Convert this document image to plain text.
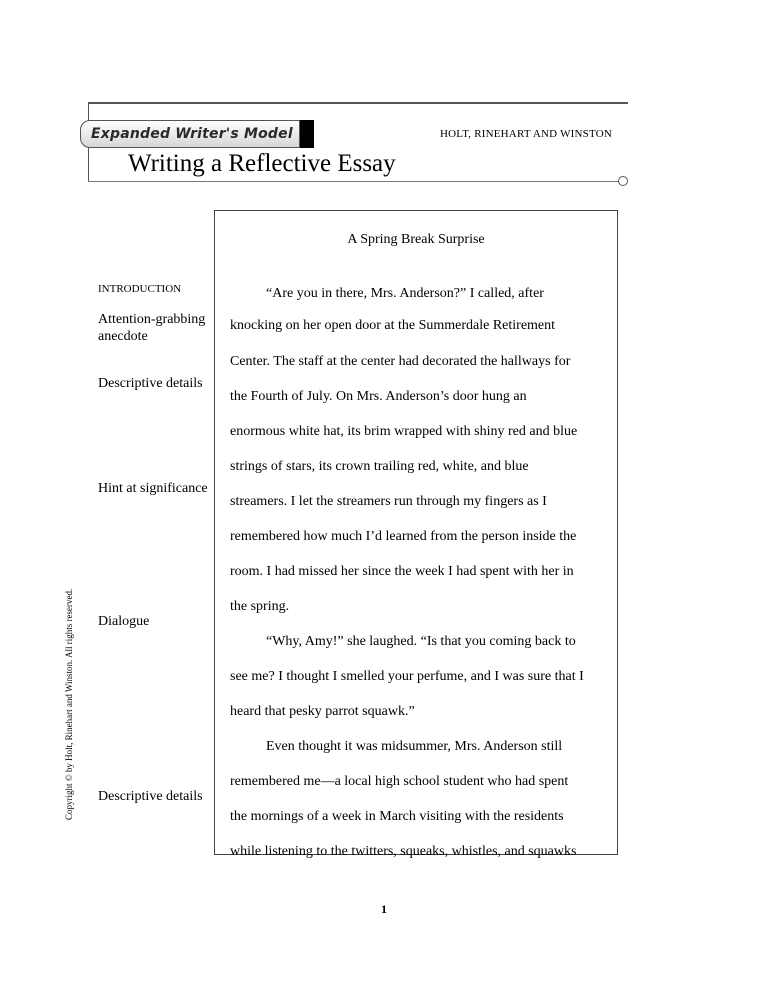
Expanded Writer's Model	HOLT, RINEHART AND WINSTON
Writing a Reflective Essay
A Spring Break Surprise
“Are you in there, Mrs. Anderson?” I called, after
knocking on her open door at the Summerdale Retirement
Center. The staff at the center had decorated the hallways for
the Fourth of July. On Mrs. Anderson’s door hung an
enormous white hat, its brim wrapped with shiny red and blue
strings of stars, its crown trailing red, white, and blue
streamers. I let the streamers run through my fingers as I
remembered how much I’d learned from the person inside the
room. I had missed her since the week I had spent with her in
the spring.
“Why, Amy!” she laughed. “Is that you coming back to
see me? I thought I smelled your perfume, and I was sure that I
heard that pesky parrot squawk.”
Even thought it was midsummer, Mrs. Anderson still
remembered me—a local high school student who had spent
the mornings of a week in March visiting with the residents
while listening to the twitters, squeaks, whistles, and squawks
INTRODUCTION
Attention-grabbing anecdote
Descriptive details
Hint at significance
Dialogue
Descriptive details
Copyright © by Holt, Rinehart and Winston. All rights reserved.
1
